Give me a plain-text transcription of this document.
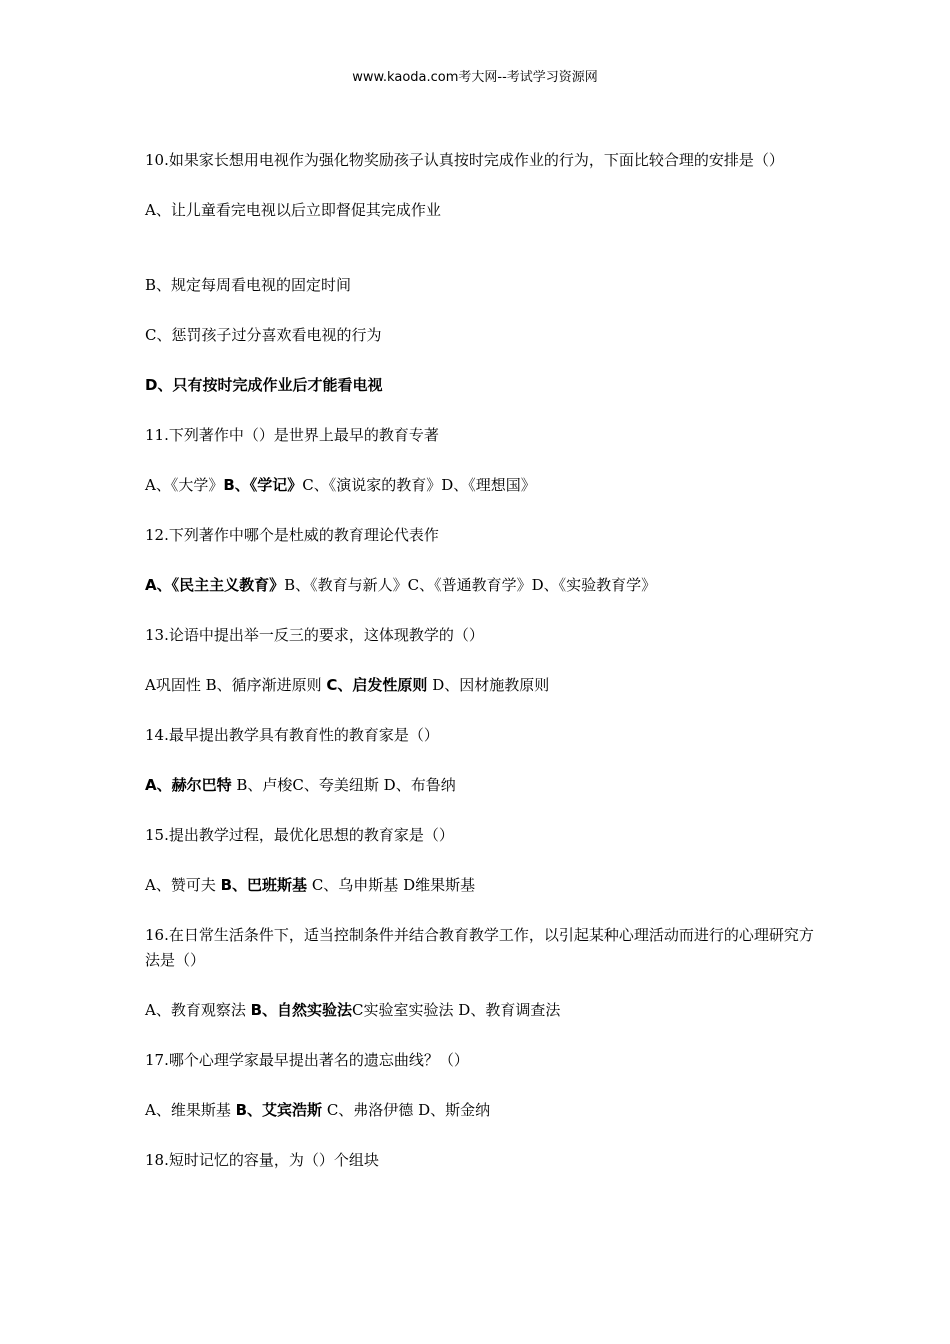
www.kaoda.com考大网--考试学习资源网

10.如果家长想用电视作为强化物奖励孩子认真按时完成作业的行为，下面比较合理的安排是（）

A、让儿童看完电视以后立即督促其完成作业

B、规定每周看电视的固定时间

C、惩罚孩子过分喜欢看电视的行为

D、只有按时完成作业后才能看电视

11.下列著作中（）是世界上最早的教育专著

A、《大学》B、《学记》C、《演说家的教育》D、《理想国》

12.下列著作中哪个是杜威的教育理论代表作

A、《民主主义教育》B、《教育与新人》C、《普通教育学》D、《实验教育学》

13.论语中提出举一反三的要求，这体现教学的（）

A巩固性 B、循序渐进原则 C、启发性原则 D、因材施教原则

14.最早提出教学具有教育性的教育家是（）

A、赫尔巴特 B、卢梭C、夸美纽斯 D、布鲁纳

15.提出教学过程，最优化思想的教育家是（）

A、赞可夫 B、巴班斯基 C、乌申斯基 D维果斯基

16.在日常生活条件下，适当控制条件并结合教育教学工作，以引起某种心理活动而进行的心理研究方法是（）

A、教育观察法 B、自然实验法C实验室实验法 D、教育调查法

17.哪个心理学家最早提出著名的遗忘曲线？（）

A、维果斯基 B、艾宾浩斯 C、弗洛伊德 D、斯金纳

18.短时记忆的容量，为（）个组块
